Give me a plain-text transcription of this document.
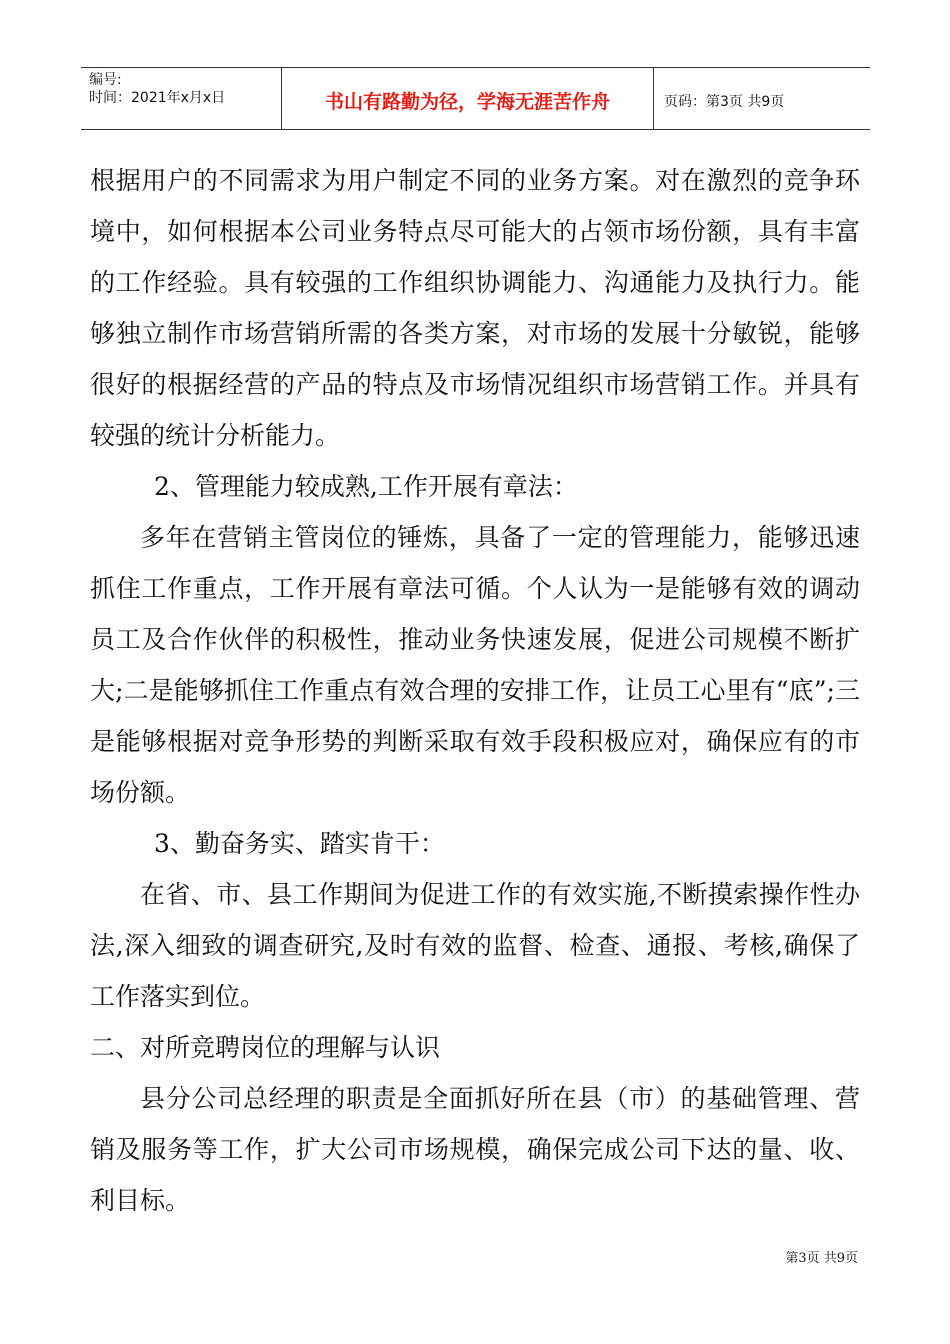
编号:
时间：2021年x月x日	书山有路勤为径，学海无涯苦作舟	页码：第3页 共9页

根据用户的不同需求为用户制定不同的业务方案。对在激烈的竞争环境中，如何根据本公司业务特点尽可能大的占领市场份额，具有丰富的工作经验。具有较强的工作组织协调能力、沟通能力及执行力。能够独立制作市场营销所需的各类方案，对市场的发展十分敏锐，能够很好的根据经营的产品的特点及市场情况组织市场营销工作。并具有较强的统计分析能力。

2、管理能力较成熟,工作开展有章法：

多年在营销主管岗位的锤炼，具备了一定的管理能力，能够迅速抓住工作重点，工作开展有章法可循。个人认为一是能够有效的调动员工及合作伙伴的积极性，推动业务快速发展，促进公司规模不断扩大;二是能够抓住工作重点有效合理的安排工作，让员工心里有“底”;三是能够根据对竞争形势的判断采取有效手段积极应对，确保应有的市场份额。

3、勤奋务实、踏实肯干：

在省、市、县工作期间为促进工作的有效实施,不断摸索操作性办法,深入细致的调查研究,及时有效的监督、检查、通报、考核,确保了工作落实到位。

二、对所竞聘岗位的理解与认识

县分公司总经理的职责是全面抓好所在县（市）的基础管理、营销及服务等工作，扩大公司市场规模，确保完成公司下达的量、收、利目标。

第3页 共9页
